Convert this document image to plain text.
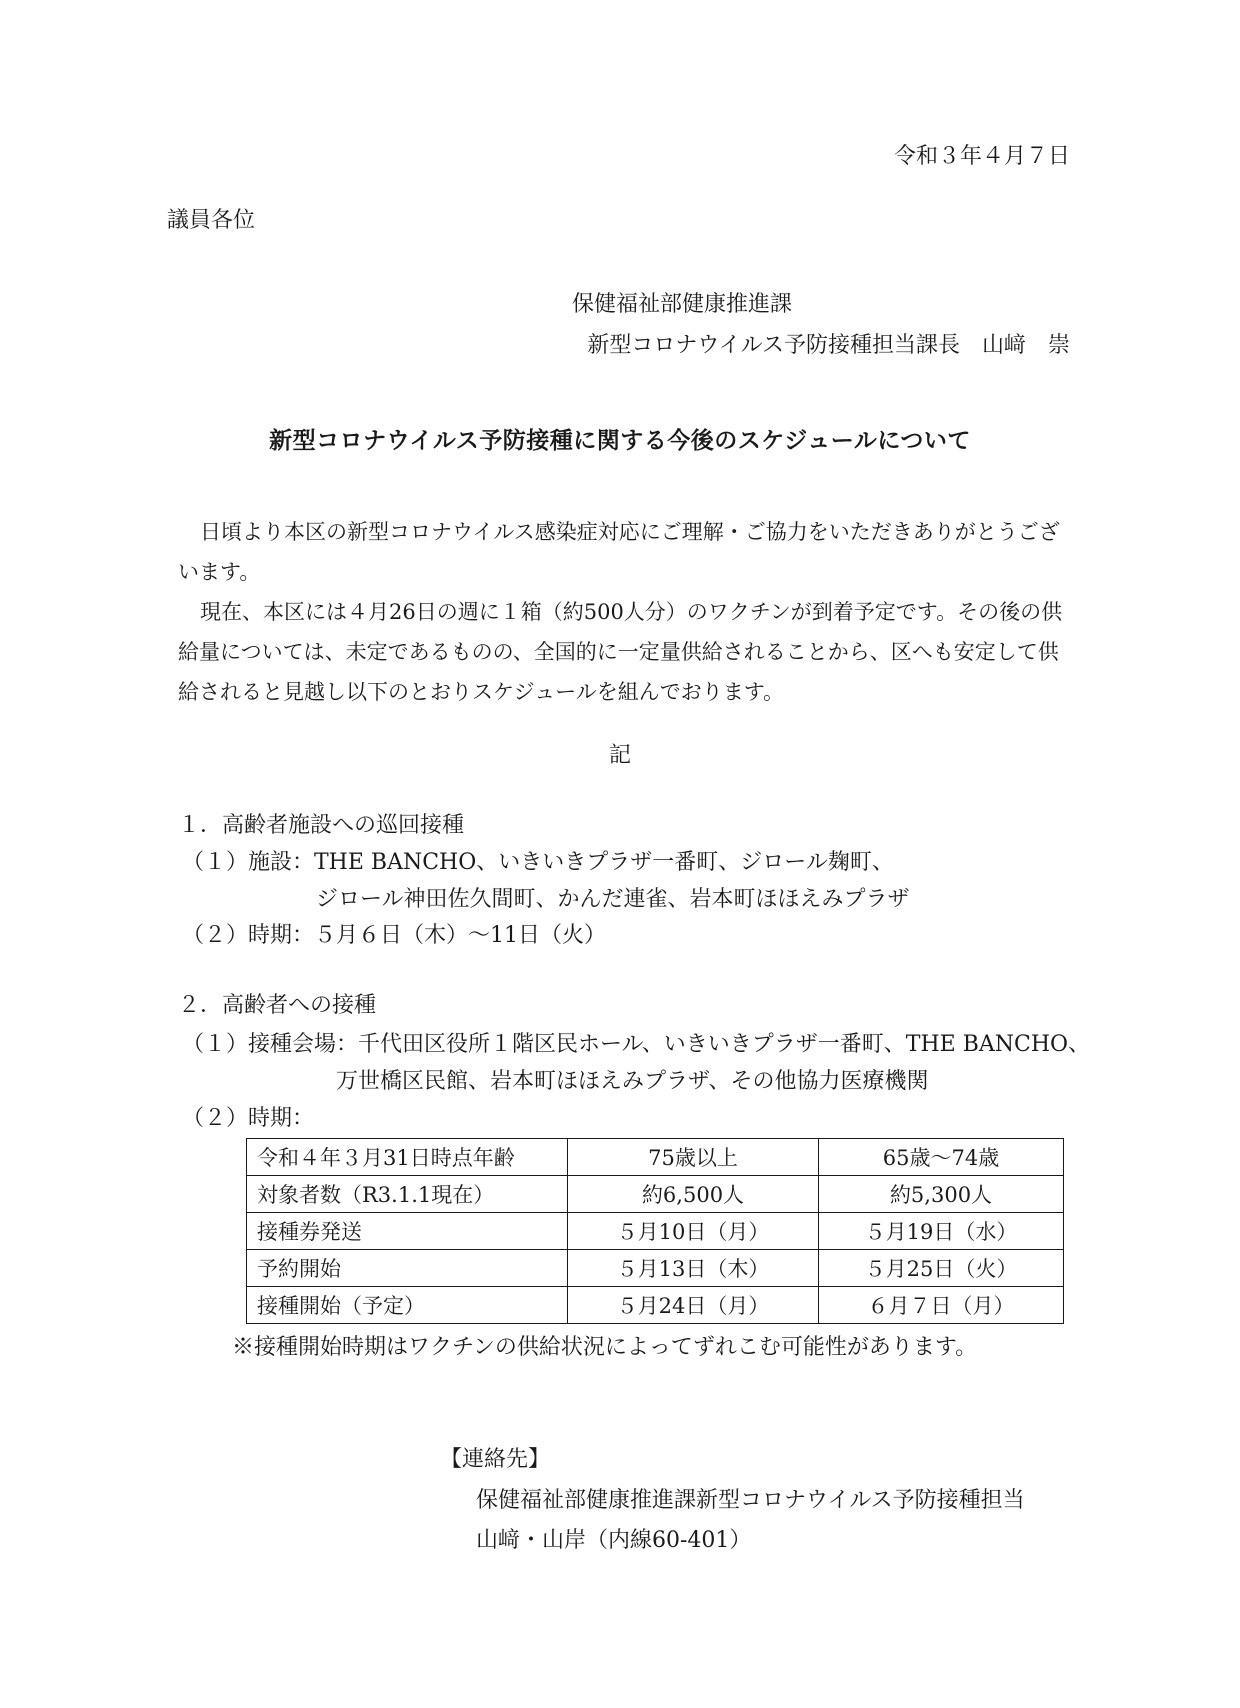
令和３年４月７日
議員各位
保健福祉部健康推進課
新型コロナウイルス予防接種担当課長　山﨑　崇
新型コロナウイルス予防接種に関する今後のスケジュールについて

日頃より本区の新型コロナウイルス感染症対応にご理解・ご協力をいただきありがとうございます。

現在、本区には４月26日の週に１箱（約500人分）のワクチンが到着予定です。その後の供給量については、未定であるものの、全国的に一定量供給されることから、区へも安定して供給されると見越し以下のとおりスケジュールを組んでおります。

記
１．高齢者施設への巡回接種
（１） 施設：THE BANCHO、いきいきプラザ一番町、ジロール麹町、
ジロール神田佐久間町、かんだ連雀、岩本町ほほえみプラザ
（２） 時期：５月６日（木）～11日（火）
２．高齢者への接種
（１） 接種会場：千代田区役所１階区民ホール、いきいきプラザ一番町、THE BANCHO、
万世橋区民館、岩本町ほほえみプラザ、その他協力医療機関
（２） 時期：
令和４年３月31日時点年齢	75歳以上	65歳～74歳
対象者数（R3.1.1現在）	約6,500人	約5,300人
接種券発送	５月10日（月）	５月19日（水）
予約開始	５月13日（木）	５月25日（火）
接種開始（予定）	５月24日（月）	６月７日（月）
※接種開始時期はワクチンの供給状況によってずれこむ可能性があります。
【連絡先】
保健福祉部健康推進課新型コロナウイルス予防接種担当
山﨑・山岸（内線60-401）
